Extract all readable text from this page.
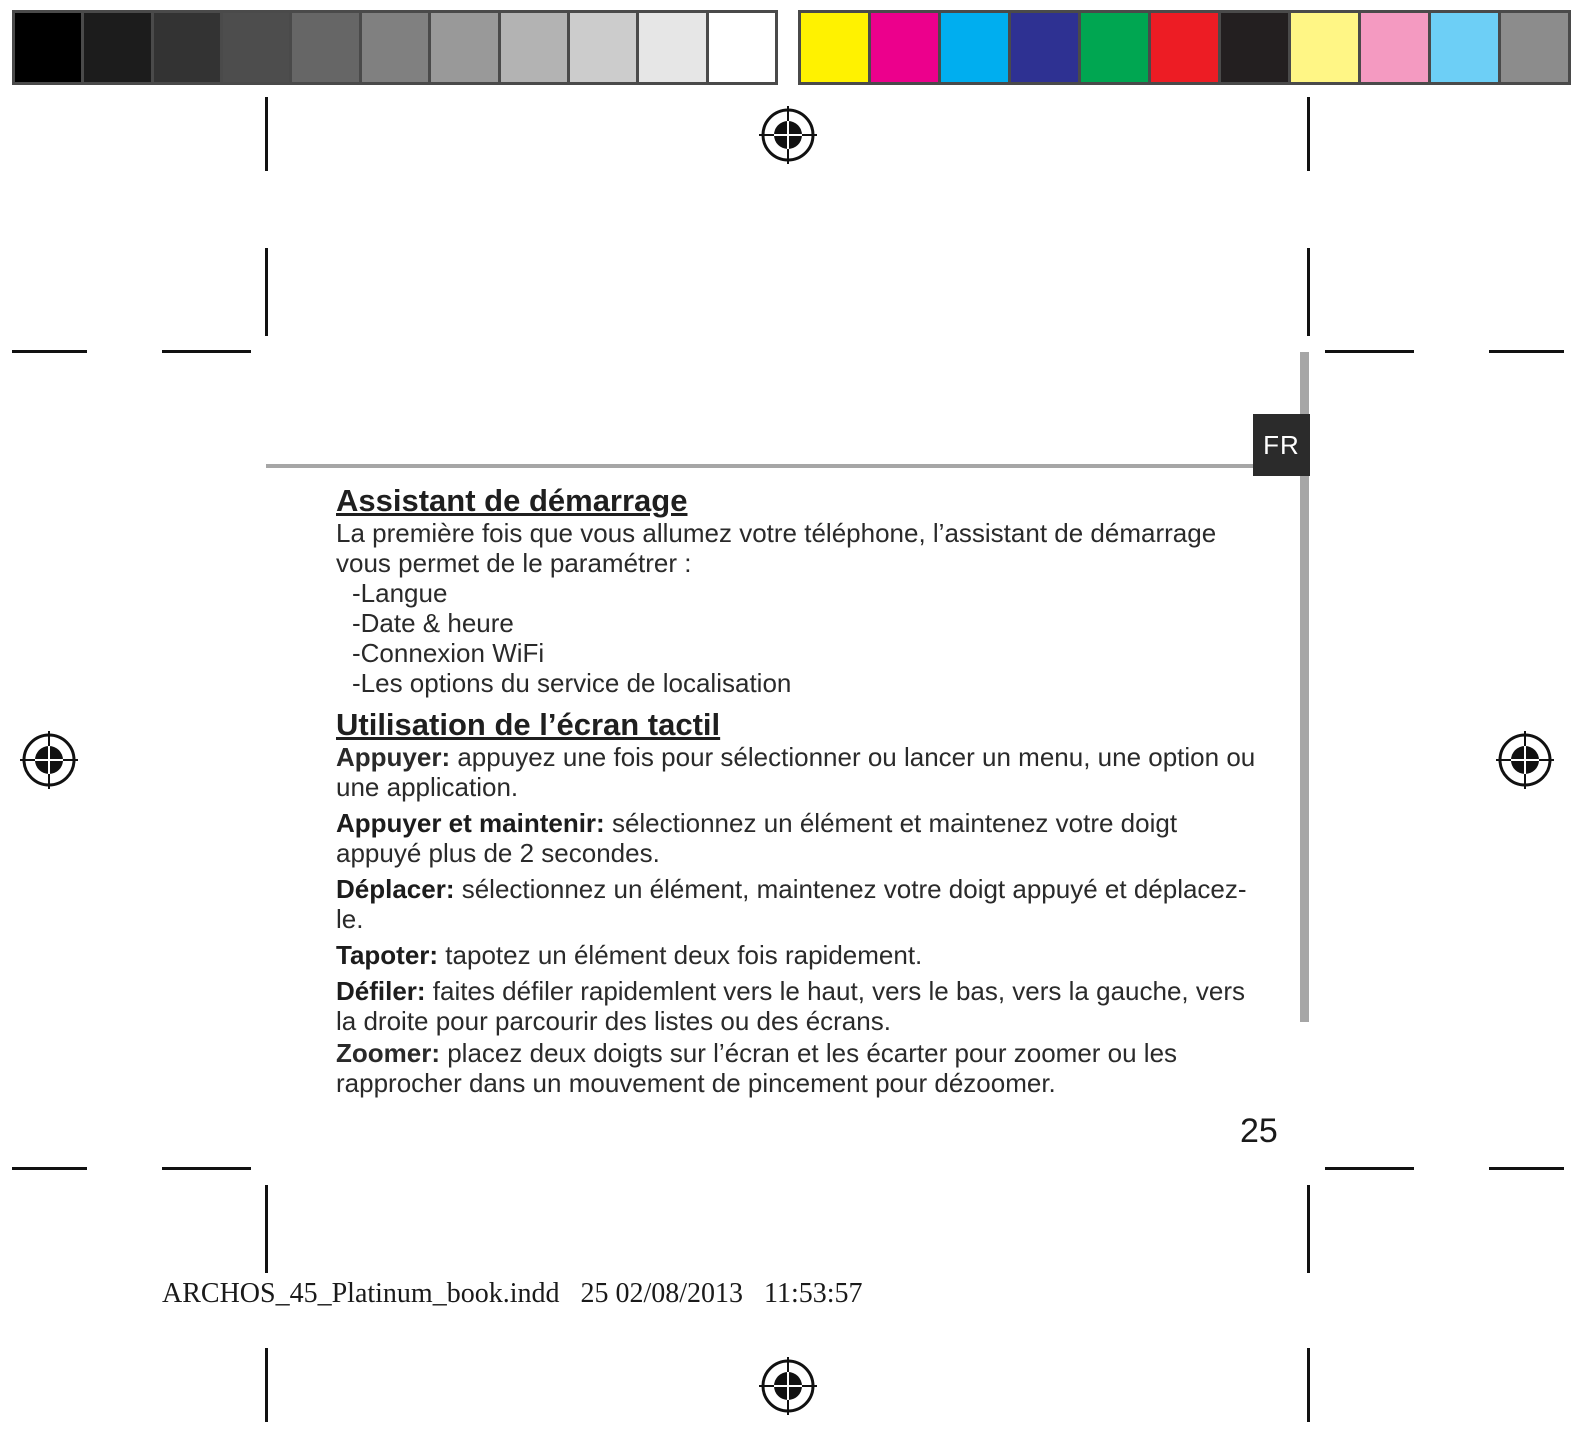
FR
Assistant de démarrage

La première fois que vous allumez votre téléphone, l’assistant de démarrage vous permet de le paramétrer :

-Langue
-Date & heure
-Connexion WiFi
-Les options du service de localisation
Utilisation de l’écran tactil

Appuyer: appuyez une fois pour sélectionner ou lancer un menu, une option ou une application.

Appuyer et maintenir: sélectionnez un élément et maintenez votre doigt appuyé plus de 2 secondes.

Déplacer: sélectionnez un élément, maintenez votre doigt appuyé et déplacez-le.

Tapoter: tapotez un élément deux fois rapidement.

Défiler: faites défiler rapidemlent vers le haut, vers le bas, vers la gauche, vers la droite pour parcourir des listes ou des écrans.

Zoomer: placez deux doigts sur l’écran et les écarter pour zoomer ou les rapprocher dans un mouvement de pincement pour dézoomer.

25
ARCHOS_45_Platinum_book.indd   25 02/08/2013   11:53:57
